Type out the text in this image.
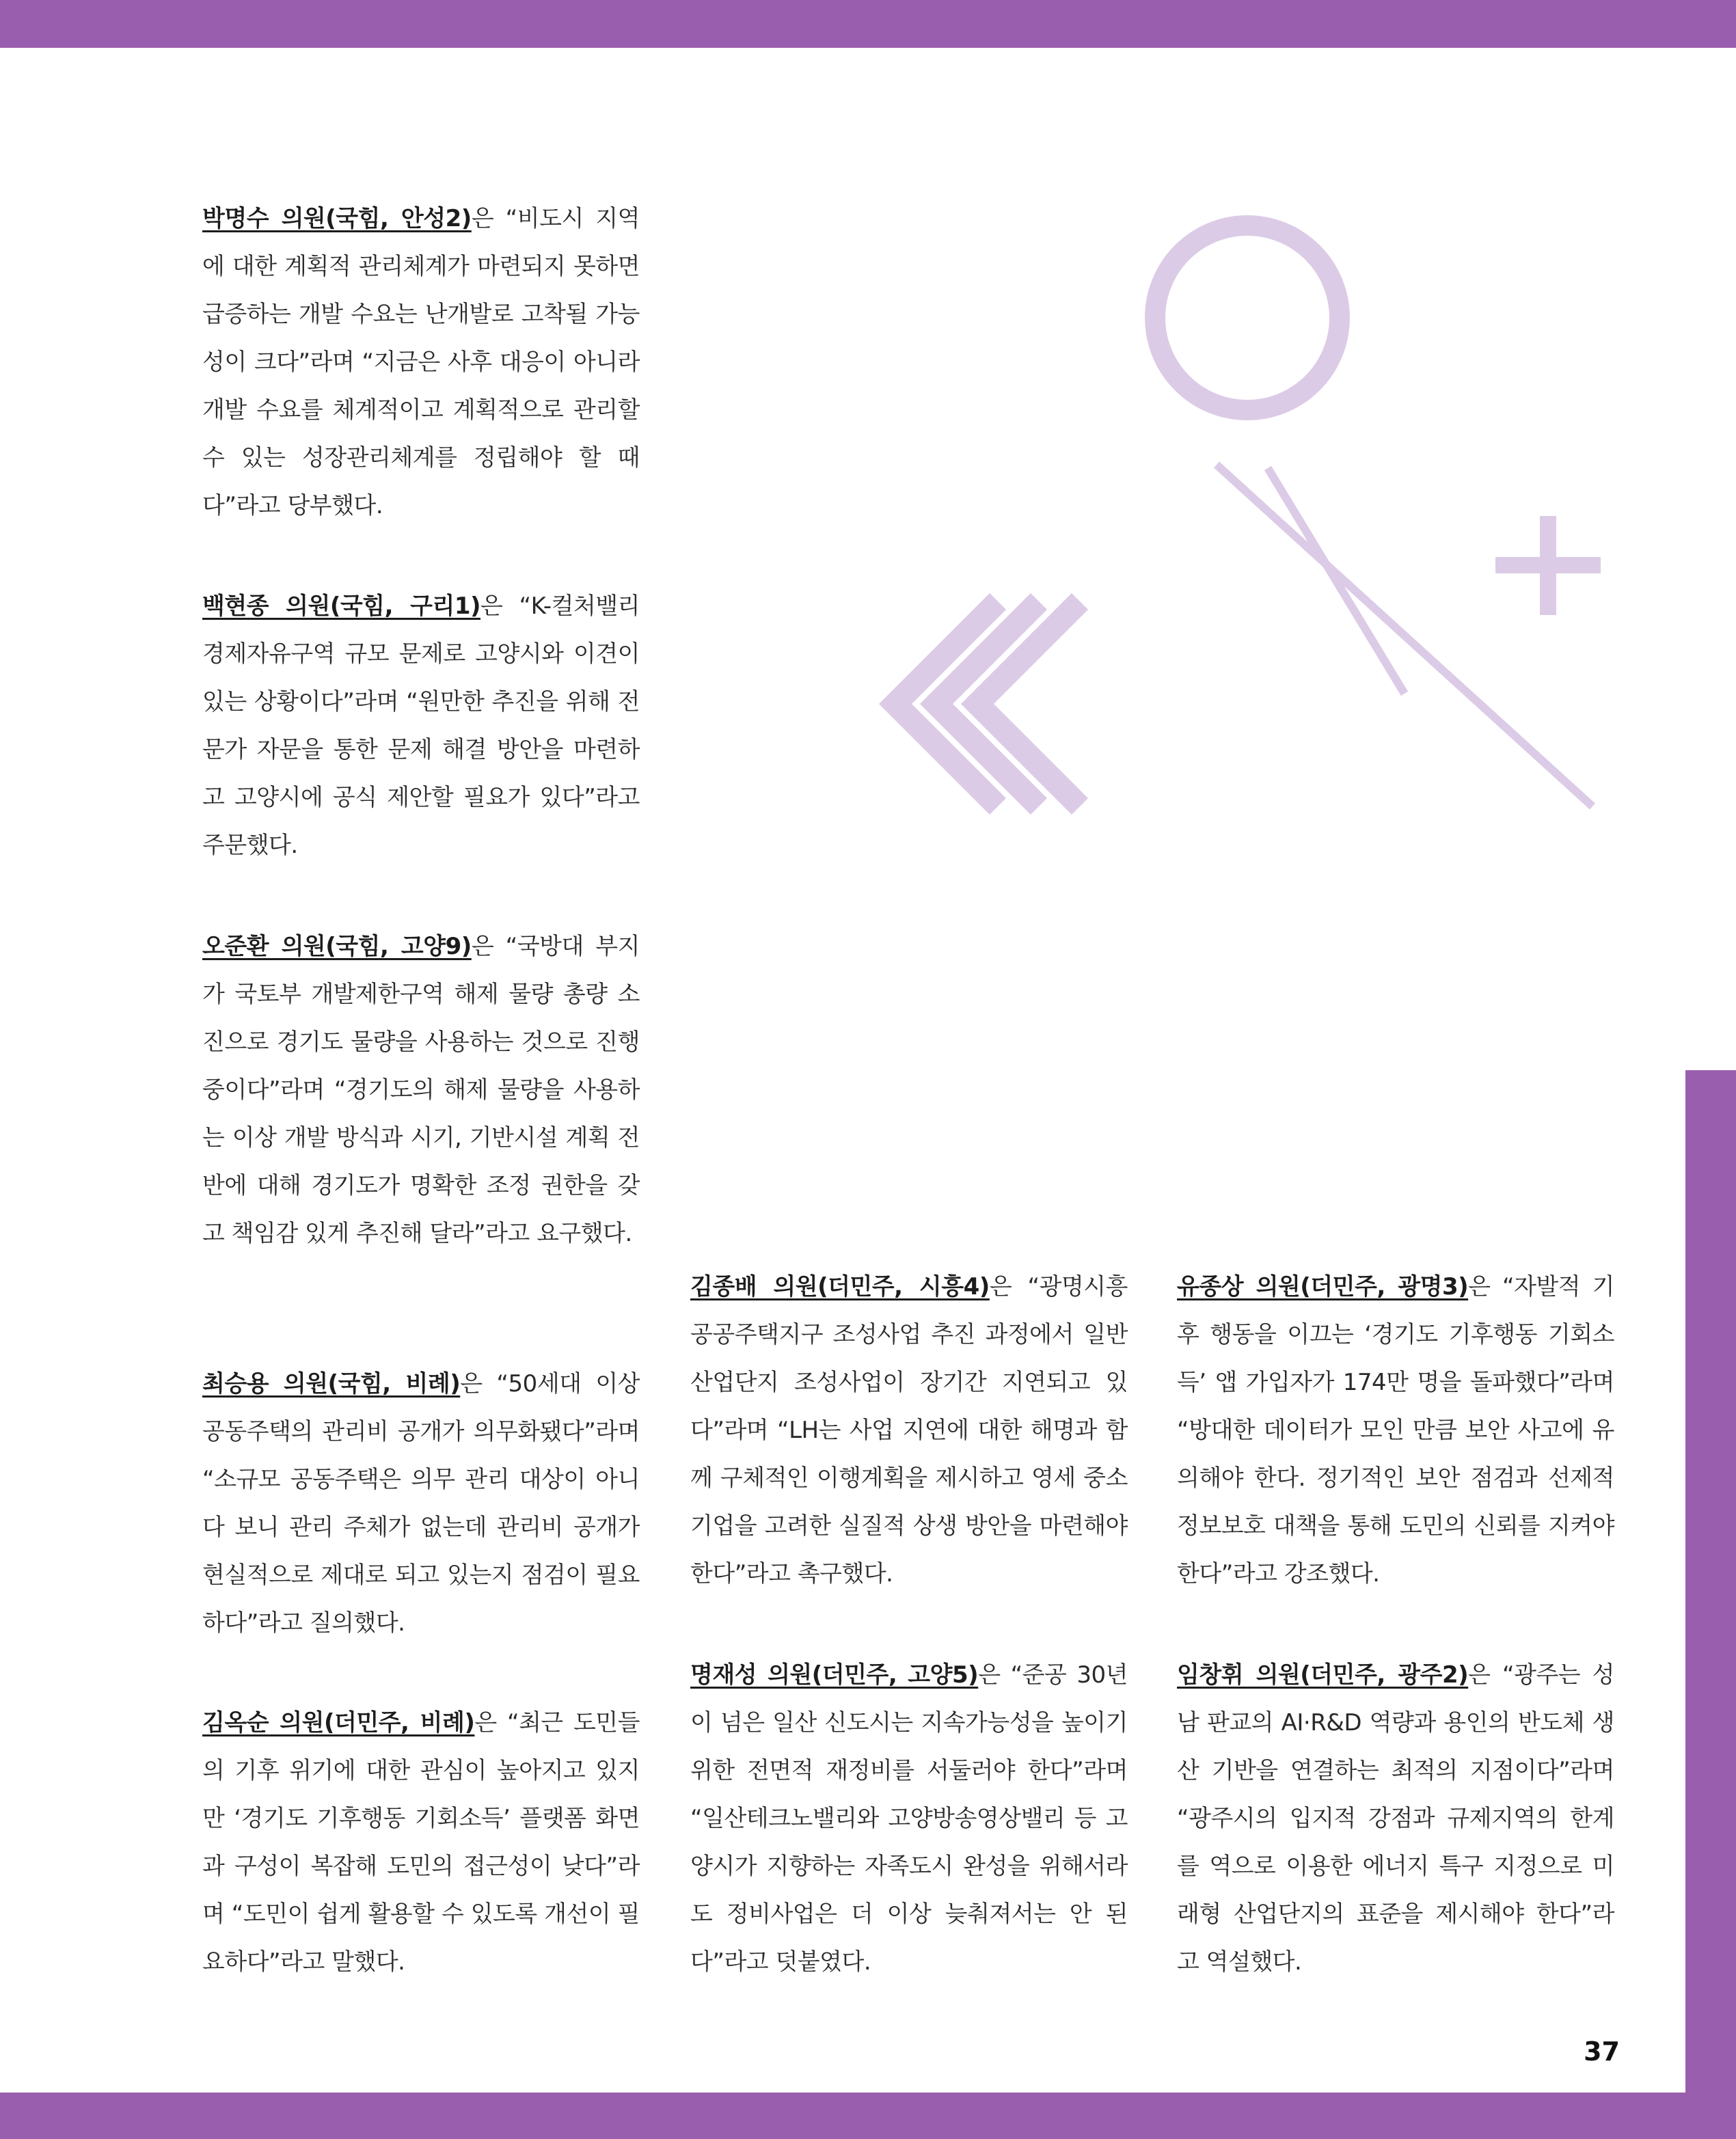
박명수 의원(국힘, 안성2)은 “비도시 지역에 대한 계획적 관리체계가 마련되지 못하면 급증하는 개발 수요는 난개발로 고착될 가능성이 크다”라며 “지금은 사후 대응이 아니라 개발 수요를 체계적이고 계획적으로 관리할 수 있는 성장관리체계를 정립해야 할 때다”라고 당부했다.
백현종 의원(국힘, 구리1)은 “K-컬처밸리 경제자유구역 규모 문제로 고양시와 이견이 있는 상황이다”라며 “원만한 추진을 위해 전문가 자문을 통한 문제 해결 방안을 마련하고 고양시에 공식 제안할 필요가 있다”라고 주문했다.
오준환 의원(국힘, 고양9)은 “국방대 부지가 국토부 개발제한구역 해제 물량 총량 소진으로 경기도 물량을 사용하는 것으로 진행 중이다”라며 “경기도의 해제 물량을 사용하는 이상 개발 방식과 시기, 기반시설 계획 전반에 대해 경기도가 명확한 조정 권한을 갖고 책임감 있게 추진해 달라”라고 요구했다.
최승용 의원(국힘, 비례)은 “50세대 이상 공동주택의 관리비 공개가 의무화됐다”라며 “소규모 공동주택은 의무 관리 대상이 아니다 보니 관리 주체가 없는데 관리비 공개가 현실적으로 제대로 되고 있는지 점검이 필요하다”라고 질의했다.
김옥순 의원(더민주, 비례)은 “최근 도민들의 기후 위기에 대한 관심이 높아지고 있지만 ‘경기도 기후행동 기회소득’ 플랫폼 화면과 구성이 복잡해 도민의 접근성이 낮다”라며 “도민이 쉽게 활용할 수 있도록 개선이 필요하다”라고 말했다.
김종배 의원(더민주, 시흥4)은 “광명시흥 공공주택지구 조성사업 추진 과정에서 일반산업단지 조성사업이 장기간 지연되고 있다”라며 “LH는 사업 지연에 대한 해명과 함께 구체적인 이행계획을 제시하고 영세 중소기업을 고려한 실질적 상생 방안을 마련해야 한다”라고 촉구했다.
명재성 의원(더민주, 고양5)은 “준공 30년이 넘은 일산 신도시는 지속가능성을 높이기 위한 전면적 재정비를 서둘러야 한다”라며 “일산테크노밸리와 고양방송영상밸리 등 고양시가 지향하는 자족도시 완성을 위해서라도 정비사업은 더 이상 늦춰져서는 안 된다”라고 덧붙였다.
유종상 의원(더민주, 광명3)은 “자발적 기후 행동을 이끄는 ‘경기도 기후행동 기회소득’ 앱 가입자가 174만 명을 돌파했다”라며 “방대한 데이터가 모인 만큼 보안 사고에 유의해야 한다. 정기적인 보안 점검과 선제적 정보보호 대책을 통해 도민의 신뢰를 지켜야 한다”라고 강조했다.
임창휘 의원(더민주, 광주2)은 “광주는 성남 판교의 AI·R&D 역량과 용인의 반도체 생산 기반을 연결하는 최적의 지점이다”라며 “광주시의 입지적 강점과 규제지역의 한계를 역으로 이용한 에너지 특구 지정으로 미래형 산업단지의 표준을 제시해야 한다”라고 역설했다.
37
